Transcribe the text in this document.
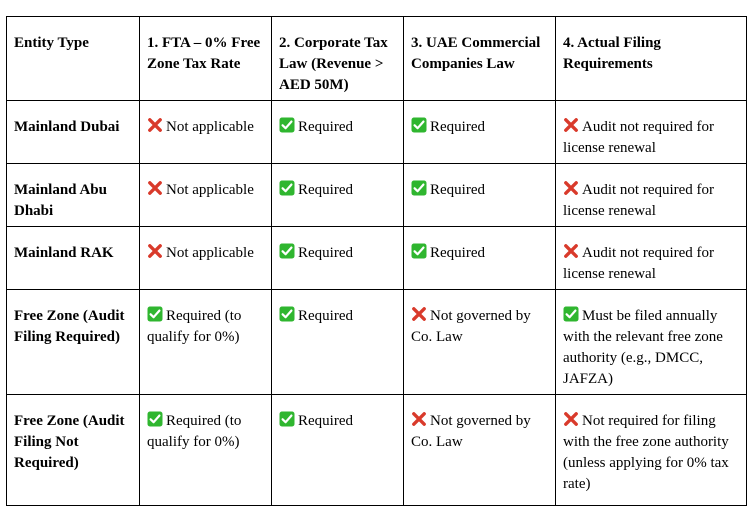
Entity Type	1. FTA – 0% Free Zone Tax Rate	2. Corporate Tax Law (Revenue > AED 50M)	3. UAE Commercial Companies Law	4. Actual Filing Requirements
Mainland Dubai	Not applicable	Required	Required	Audit not required for license renewal
Mainland Abu Dhabi	Not applicable	Required	Required	Audit not required for license renewal
Mainland RAK	Not applicable	Required	Required	Audit not required for license renewal
Free Zone (Audit Filing Required)	Required (to qualify for 0%)	Required	Not governed by Co. Law	Must be filed annually with the relevant free zone authority (e.g., DMCC, JAFZA)
Free Zone (Audit Filing Not Required)	Required (to qualify for 0%)	Required	Not governed by Co. Law	Not required for filing with the free zone authority (unless applying for 0% tax rate)
